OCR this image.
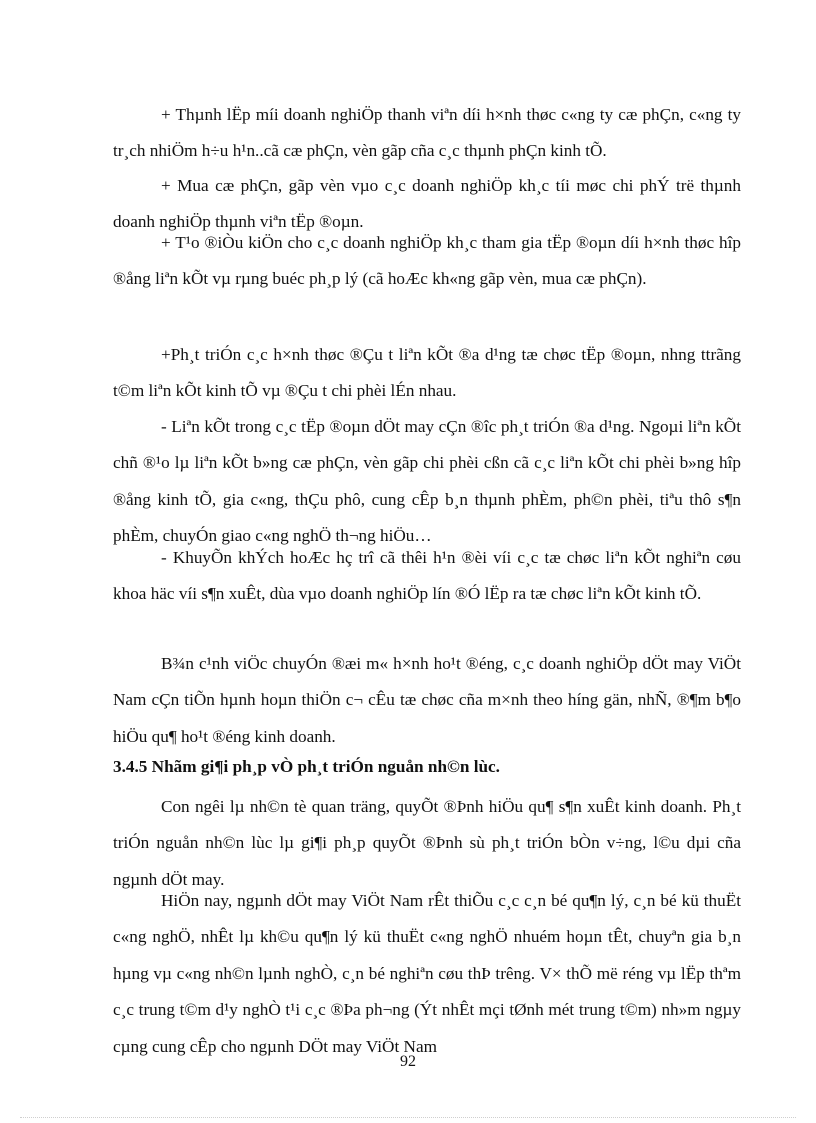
+ Thµnh lËp míi doanh nghiÖp thanh viªn díi h×nh thøc c«ng ty cæ phÇn, c«ng ty tr¸ch nhiÖm h÷u h¹n..cã cæ phÇn, vèn gãp cña c¸c thµnh phÇn kinh tÕ.

+ Mua cæ phÇn, gãp vèn vµo c¸c doanh nghiÖp kh¸c tíi møc chi phÝ trë thµnh doanh nghiÖp thµnh viªn tËp ®oµn.

+ T¹o ®iÒu kiÖn cho c¸c doanh nghiÖp kh¸c tham gia tËp ®oµn díi h×nh thøc hîp ®ång liªn kÕt vµ rµng buéc ph¸p lý (cã hoÆc kh«ng gãp vèn, mua cæ phÇn).

+Ph¸t triÓn c¸c h×nh thøc ®Çu t liªn kÕt ®a d¹ng tæ chøc tËp ®oµn, nhng ttrãng t©m liªn kÕt kinh tÕ vµ ®Çu t chi phèi lÉn nhau.

- Liªn kÕt trong c¸c tËp ®oµn dÖt may cÇn ®îc ph¸t triÓn ®a d¹ng. Ngoµi liªn kÕt chñ ®¹o lµ liªn kÕt b»ng cæ phÇn, vèn gãp chi phèi cßn cã c¸c liªn kÕt chi phèi b»ng hîp ®ång kinh tÕ, gia c«ng, thÇu phô, cung cÊp b¸n thµnh phÈm, ph©n phèi, tiªu thô s¶n phÈm, chuyÓn giao c«ng nghÖ th¬ng hiÖu…

- KhuyÕn khÝch hoÆc hç trî cã thêi h¹n ®èi víi c¸c tæ chøc liªn kÕt nghiªn cøu khoa häc víi s¶n xuÊt, dùa vµo doanh nghiÖp lín ®Ó lËp ra tæ chøc liªn kÕt kinh tÕ.

B¾n c¹nh viÖc chuyÓn ®æi m« h×nh ho¹t ®éng, c¸c doanh nghiÖp dÖt may ViÖt Nam cÇn tiÕn hµnh hoµn thiÖn c¬ cÊu tæ chøc cña m×nh theo híng gän, nhÑ, ®¶m b¶o hiÖu qu¶ ho¹t ®éng kinh doanh.

3.4.5 Nhãm gi¶i ph¸p vÒ ph¸t triÓn nguån nh©n lùc.

Con ngêi lµ nh©n tè quan träng, quyÕt ®Þnh hiÖu qu¶ s¶n xuÊt kinh doanh. Ph¸t triÓn nguån nh©n lùc lµ gi¶i ph¸p quyÕt ®Þnh sù ph¸t triÓn bÒn v÷ng, l©u dµi cña ngµnh dÖt may.

HiÖn nay, ngµnh dÖt may ViÖt Nam rÊt thiÕu c¸c c¸n bé qu¶n lý, c¸n bé kü thuËt c«ng nghÖ, nhÊt lµ kh©u qu¶n lý kü thuËt c«ng nghÖ nhuém hoµn tÊt, chuyªn gia b¸n hµng vµ c«ng nh©n lµnh nghÒ, c¸n bé nghiªn cøu thÞ trêng. V× thÕ më réng vµ lËp thªm c¸c trung t©m d¹y nghÒ t¹i c¸c ®Þa ph¬ng (Ýt nhÊt mçi tØnh mét trung t©m) nh»m ngµy cµng cung cÊp cho ngµnh DÖt may ViÖt Nam

92
